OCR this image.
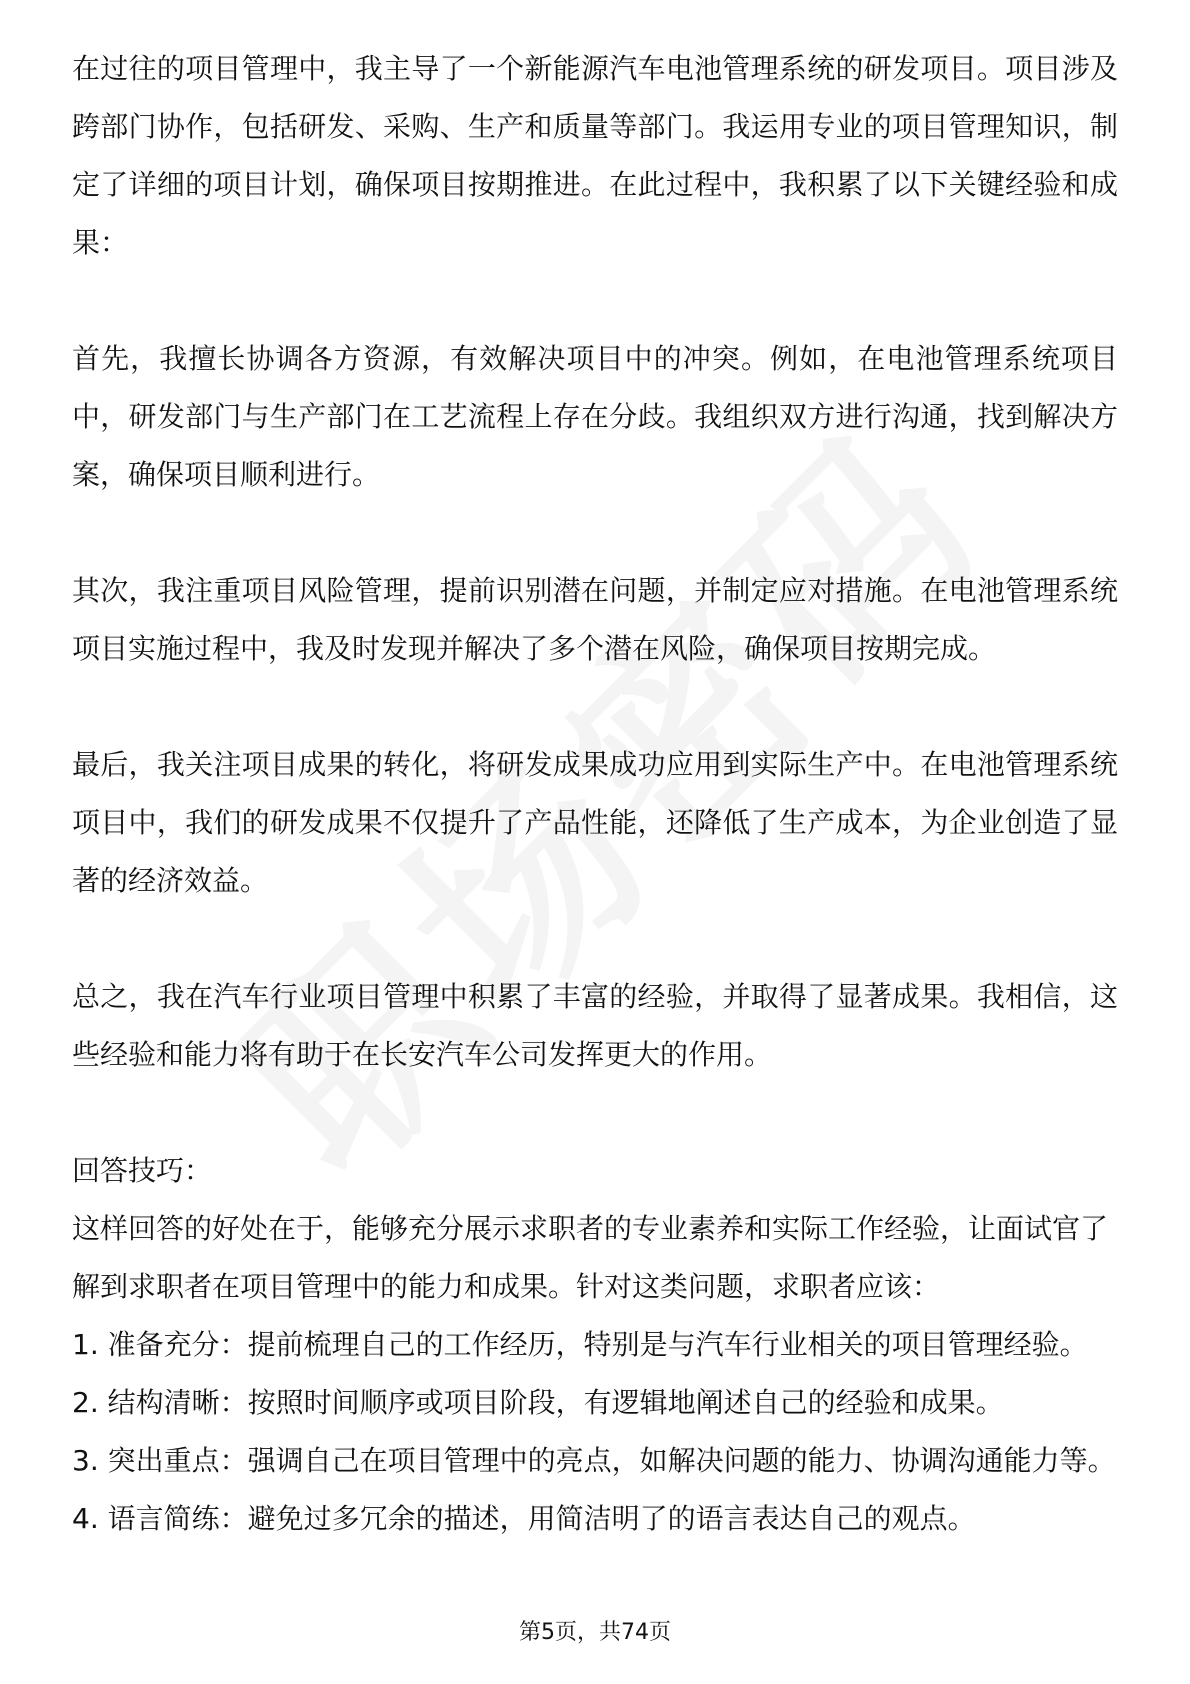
在过往的项目管理中，我主导了一个新能源汽车电池管理系统的研发项目。项目涉及跨部门协作，包括研发、采购、生产和质量等部门。我运用专业的项目管理知识，制定了详细的项目计划，确保项目按期推进。在此过程中，我积累了以下关键经验和成果：

首先，我擅长协调各方资源，有效解决项目中的冲突。例如，在电池管理系统项目中，研发部门与生产部门在工艺流程上存在分歧。我组织双方进行沟通，找到解决方案，确保项目顺利进行。

其次，我注重项目风险管理，提前识别潜在问题，并制定应对措施。在电池管理系统项目实施过程中，我及时发现并解决了多个潜在风险，确保项目按期完成。

最后，我关注项目成果的转化，将研发成果成功应用到实际生产中。在电池管理系统项目中，我们的研发成果不仅提升了产品性能，还降低了生产成本，为企业创造了显著的经济效益。

总之，我在汽车行业项目管理中积累了丰富的经验，并取得了显著成果。我相信，这些经验和能力将有助于在长安汽车公司发挥更大的作用。

回答技巧：

这样回答的好处在于，能够充分展示求职者的专业素养和实际工作经验，让面试官了解到求职者在项目管理中的能力和成果。针对这类问题，求职者应该：

1. 准备充分：提前梳理自己的工作经历，特别是与汽车行业相关的项目管理经验。

2. 结构清晰：按照时间顺序或项目阶段，有逻辑地阐述自己的经验和成果。

3. 突出重点：强调自己在项目管理中的亮点，如解决问题的能力、协调沟通能力等。

4. 语言简练：避免过多冗余的描述，用简洁明了的语言表达自己的观点。

第5页，共74页
